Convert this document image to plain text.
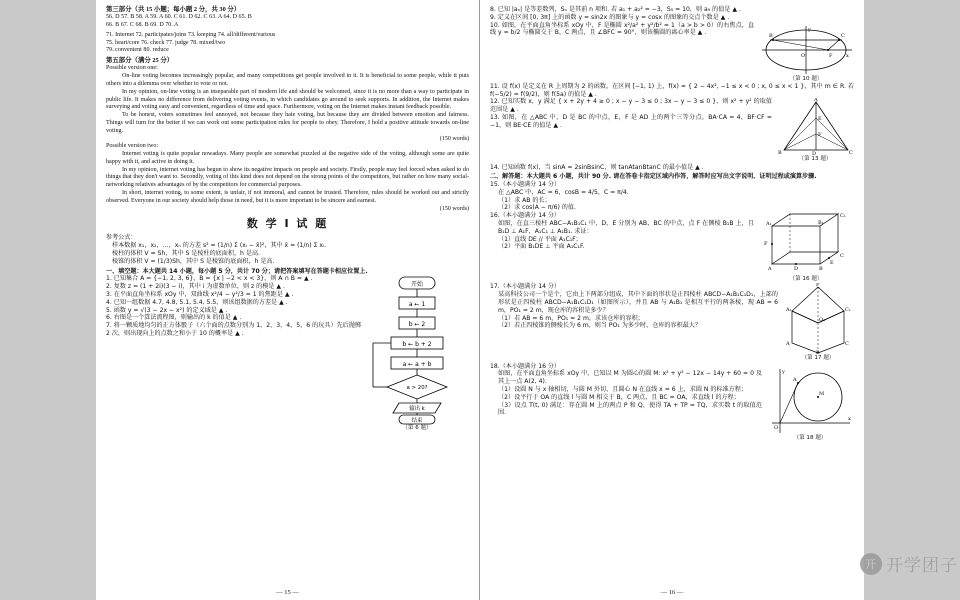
第三部分（共 15 小题；每小题 2 分，共 30 分）
56. D 57. B 58. A 59. A 60. C 61. D 62. C 63. A 64. D 65. B
66. B 67. C 68. B 69. D 70. A
71. Internet 72. participates/joins 73. keeping 74. all/different/various
75. heart/core 76. check 77. judge 78. mixed/two
79. convenient 80. reduce
第五部分（满分 25 分）
Possible version one:
On-line voting becomes increasingly popular, and many competitions get people involved in it. It is beneficial to some people, while it puts others into a dilemma over whether to vote or not.
In my opinion, on-line voting is an inseparable part of modern life and should be welcomed, since it is no more than a way to participate in public life. It makes no difference from delivering voting events, in which candidates go around to seek supports. In addition, the Internet makes surveying and voting easy and convenient, regardless of time and space. Furthermore, voting on the Internet makes instant feedback possible.
To be honest, voters sometimes feel annoyed, not because they hate voting, but because they are divided between emotion and fairness. Things will turn for the better if we can work out some participation rules for people to obey. Therefore, I hold a positive attitude towards on-line voting.
(150 words)
Possible version two:
Internet voting is quite popular nowadays. Many people are somewhat puzzled at the negative side of the voting, although some are quite happy with it, and active in doing it.
In my opinion, internet voting has begun to show its negative impacts on people and society. Firstly, people may feel forced when asked to do things that they don't want to. Secondly, voting of this kind does not depend on the strong points of the competitors, but rather on how many social-networking relatives advantages of by the competitors for commercial purposes.
In short, internet voting, to some extent, is unfair, if not immoral, and cannot be trusted. Therefore, rules should be worked out and strictly observed. Everyone in our society should help those in need, but it is more important to be sincere and earnest.
(150 words)
数 学 I 试 题
参考公式：
样本数据 x₁，x₂，…，xₙ 的方差 s² = (1/n) Σ (xᵢ − x̄)²，其中 x̄ = (1/n) Σ xᵢ.
棱柱的体积 V = Sh，其中 S 是棱柱的底面积，h 是高.
棱锥的体积 V = (1/3)Sh，其中 S 是棱锥的底面积，h 是高.
一、填空题：本大题共 14 小题，每小题 5 分，共计 70 分；请把答案填写在答题卡相应位置上.
1. 已知集合 A = {−1, 2, 3, 6}，B = {x | −2 < x < 3}，则 A ∩ B = ▲ .
2. 复数 z = (1 + 2i)(3 − i)，其中 i 为虚数单位，则 z 的模是 ▲ .
3. 在平面直角坐标系 xOy 中，双曲线 x²/4 − y²/3 = 1 的焦距是 ▲ .
4. 已知一组数据 4.7, 4.8, 5.1, 5.4, 5.5，则该组数据的方差是 ▲ .
5. 函数 y = √(3 − 2x − x²) 的定义域是 ▲ .
6. 右图是一个算法流程图，则输出的 k 的值是 ▲ .
7. 将一颗质地均匀的正方体骰子（六个面的点数分别为 1，2，3，4，5，6 的玩具）先后抛掷 2 次，则出现向上的点数之和小于 10 的概率是 ▲ .
开始
a ← 1
b ← 2
b ← b + 2
a ← a + b
a > 20?
输出 k
结束
（第 6 题）
— 15 —
8. 已知 |aₙ| 是等差数列，Sₙ 是其前 n 项和. 若 a₁ + a₂² = −3，S₅ = 10，则 a₉ 的值是 ▲ .
9. 定义在区间 [0, 3π] 上的函数 y = sin2x 的图象与 y = cosx 的图象的交点个数是 ▲ .
10. 如图，在平面直角坐标系 xOy 中，F 是椭圆 x²/a² + y²/b² = 1（a > b > 0）的右焦点，直线 y = b/2 与椭圆交于 B，C 两点，且 ∠BFC = 90°，则该椭圆的离心率是 ▲ .	B	C
F
O	x
y
（第 10 题）
11. 设 f(x) 是定义在 R 上周期为 2 的函数，在区间 [−1, 1) 上，f(x) = { 2 − 4x², −1 ≤ x < 0 ; x, 0 ≤ x < 1 }，其中 m ∈ R. 若 f(−5/2) = f(9/2)，则 f(5a) 的值是 ▲ .
12. 已知实数 x，y 满足 { x + 2y + 4 ≥ 0 ; x − y − 3 ≤ 0 ; 3x − y − 3 ≤ 0 }，则 x² + y² 的取值范围是 ▲ .
13. 如图，在 △ABC 中，D 是 BC 的中点，E，F 是 AD 上的两个三等分点，BA·CA = 4，BF·CF = −1，则 BE·CE 的值是 ▲ .
A
B	C
E
F
D
（第 13 题）
14. 已知函数 f(x)，当 sinA = 2sinBsinC，则 tanAtanBtanC 的最小值是 ▲ .
二、解答题：本大题共 6 小题，共计 90 分. 请在答卷卡指定区域内作答，解答时应写出文字说明、证明过程或演算步骤.
15.（本小题满分 14 分）
在 △ABC 中，AC = 6，cosB = 4/5，C = π/4.
（1）求 AB 的长；
（2）求 cos(A − π/6) 的值.
16.（本小题满分 14 分）
如图，在直三棱柱 ABC−A₁B₁C₁ 中，D，E 分别为 AB，BC 的中点，点 F 在侧棱 B₁B 上，且 B₁D ⊥ A₁F，A₁C₁ ⊥ A₁B₁. 求证：
（1）直线 DE // 平面 A₁C₁F；
（2）平面 B₁DE ⊥ 平面 A₁C₁F.
A	B
C
A₁	B₁
C₁
D
E
F
（第 16 题）
17.（本小题满分 14 分）
某高科技公司一个是个，它由上下两部分组成，其中下面的形状是正四棱柱 ABCD−A₁B₁C₁D₁，上部的形状是正四棱柱 ABCD−A₁B₁C₁D₁（如图所示），并且 AB 与 A₁B₁ 是相互平行的两条棱，现 AB = 6 m，PO₁ = 2 m，现仓库的容积是多少？
（1）若 AB = 6 m，PO₁ = 2 m，求该仓库的容积；
（2）若正四棱锥的侧棱长为 6 m，则当 PO₁ 为多少时，仓库的容积最大？
P
A₁	C₁
O₁
A	C
B
（第 17 题）
18.（本小题满分 16 分）
如图，在平面直角坐标系 xOy 中，已知以 M 为圆心的圆 M: x² + y² − 12x − 14y + 60 = 0 及其上一点 A(2, 4).
（1）设圆 N 与 x 轴相切，与圆 M 外切，且圆心 N 在直线 x = 6 上，求圆 N 的标准方程；
（2）设平行于 OA 的直线 l 与圆 M 相交于 B，C 两点，且 BC = OA，求直线 l 的方程；
（3）设点 T(t, 0) 满足：存在圆 M 上的两点 P 和 Q，使得 TA + TP = TQ，求实数 t 的取值范围.
M
A
O
x
y
（第 18 题）
— 16 —
开 开学团子
